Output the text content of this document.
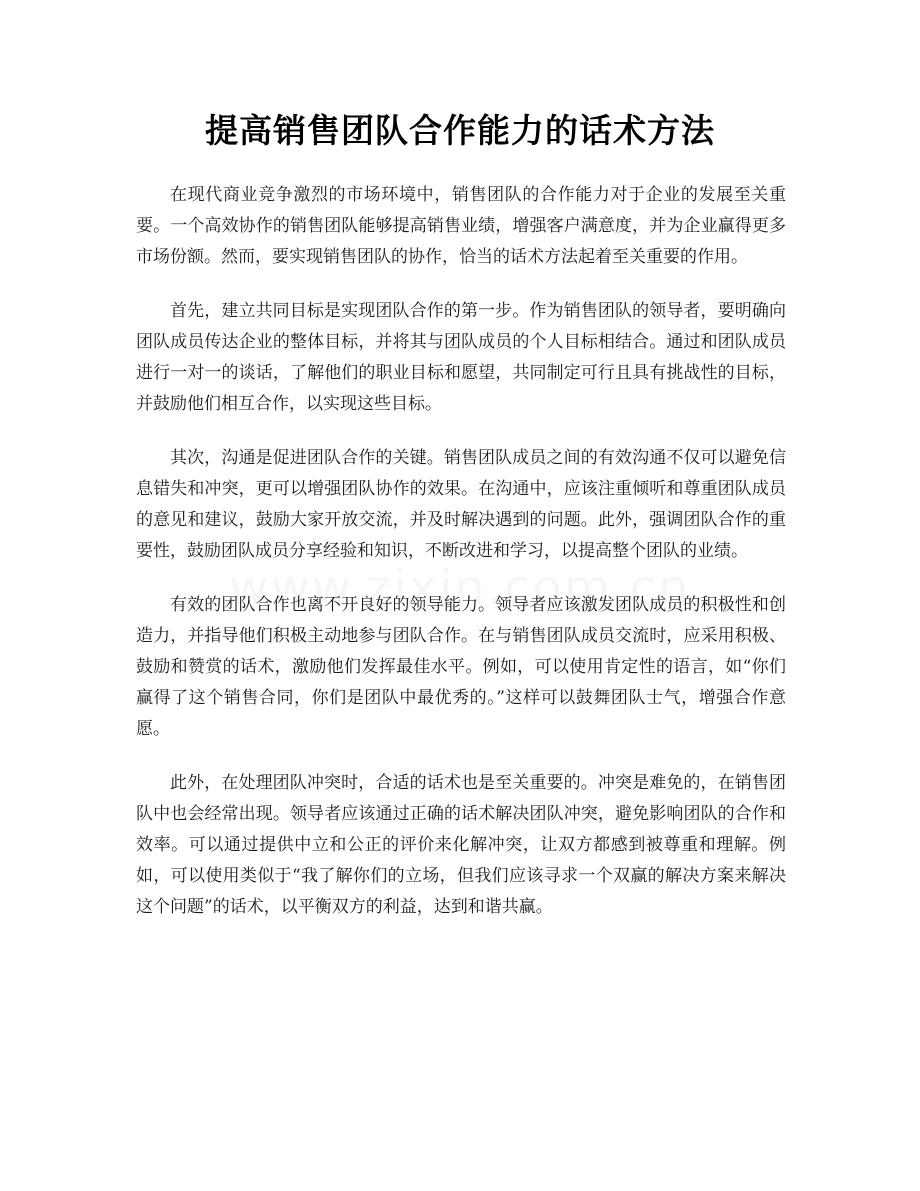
提高销售团队合作能力的话术方法

在现代商业竞争激烈的市场环境中，销售团队的合作能力对于企业的发展至关重要。一个高效协作的销售团队能够提高销售业绩，增强客户满意度，并为企业赢得更多市场份额。然而，要实现销售团队的协作，恰当的话术方法起着至关重要的作用。

首先，建立共同目标是实现团队合作的第一步。作为销售团队的领导者，要明确向团队成员传达企业的整体目标，并将其与团队成员的个人目标相结合。通过和团队成员进行一对一的谈话，了解他们的职业目标和愿望，共同制定可行且具有挑战性的目标，并鼓励他们相互合作，以实现这些目标。

其次，沟通是促进团队合作的关键。销售团队成员之间的有效沟通不仅可以避免信息错失和冲突，更可以增强团队协作的效果。在沟通中，应该注重倾听和尊重团队成员的意见和建议，鼓励大家开放交流，并及时解决遇到的问题。此外，强调团队合作的重要性，鼓励团队成员分享经验和知识，不断改进和学习，以提高整个团队的业绩。

有效的团队合作也离不开良好的领导能力。领导者应该激发团队成员的积极性和创造力，并指导他们积极主动地参与团队合作。在与销售团队成员交流时，应采用积极、鼓励和赞赏的话术，激励他们发挥最佳水平。例如，可以使用肯定性的语言，如“你们赢得了这个销售合同，你们是团队中最优秀的。”这样可以鼓舞团队士气，增强合作意愿。

此外，在处理团队冲突时，合适的话术也是至关重要的。冲突是难免的，在销售团队中也会经常出现。领导者应该通过正确的话术解决团队冲突，避免影响团队的合作和效率。可以通过提供中立和公正的评价来化解冲突，让双方都感到被尊重和理解。例如，可以使用类似于“我了解你们的立场，但我们应该寻求一个双赢的解决方案来解决这个问题”的话术，以平衡双方的利益，达到和谐共赢。
